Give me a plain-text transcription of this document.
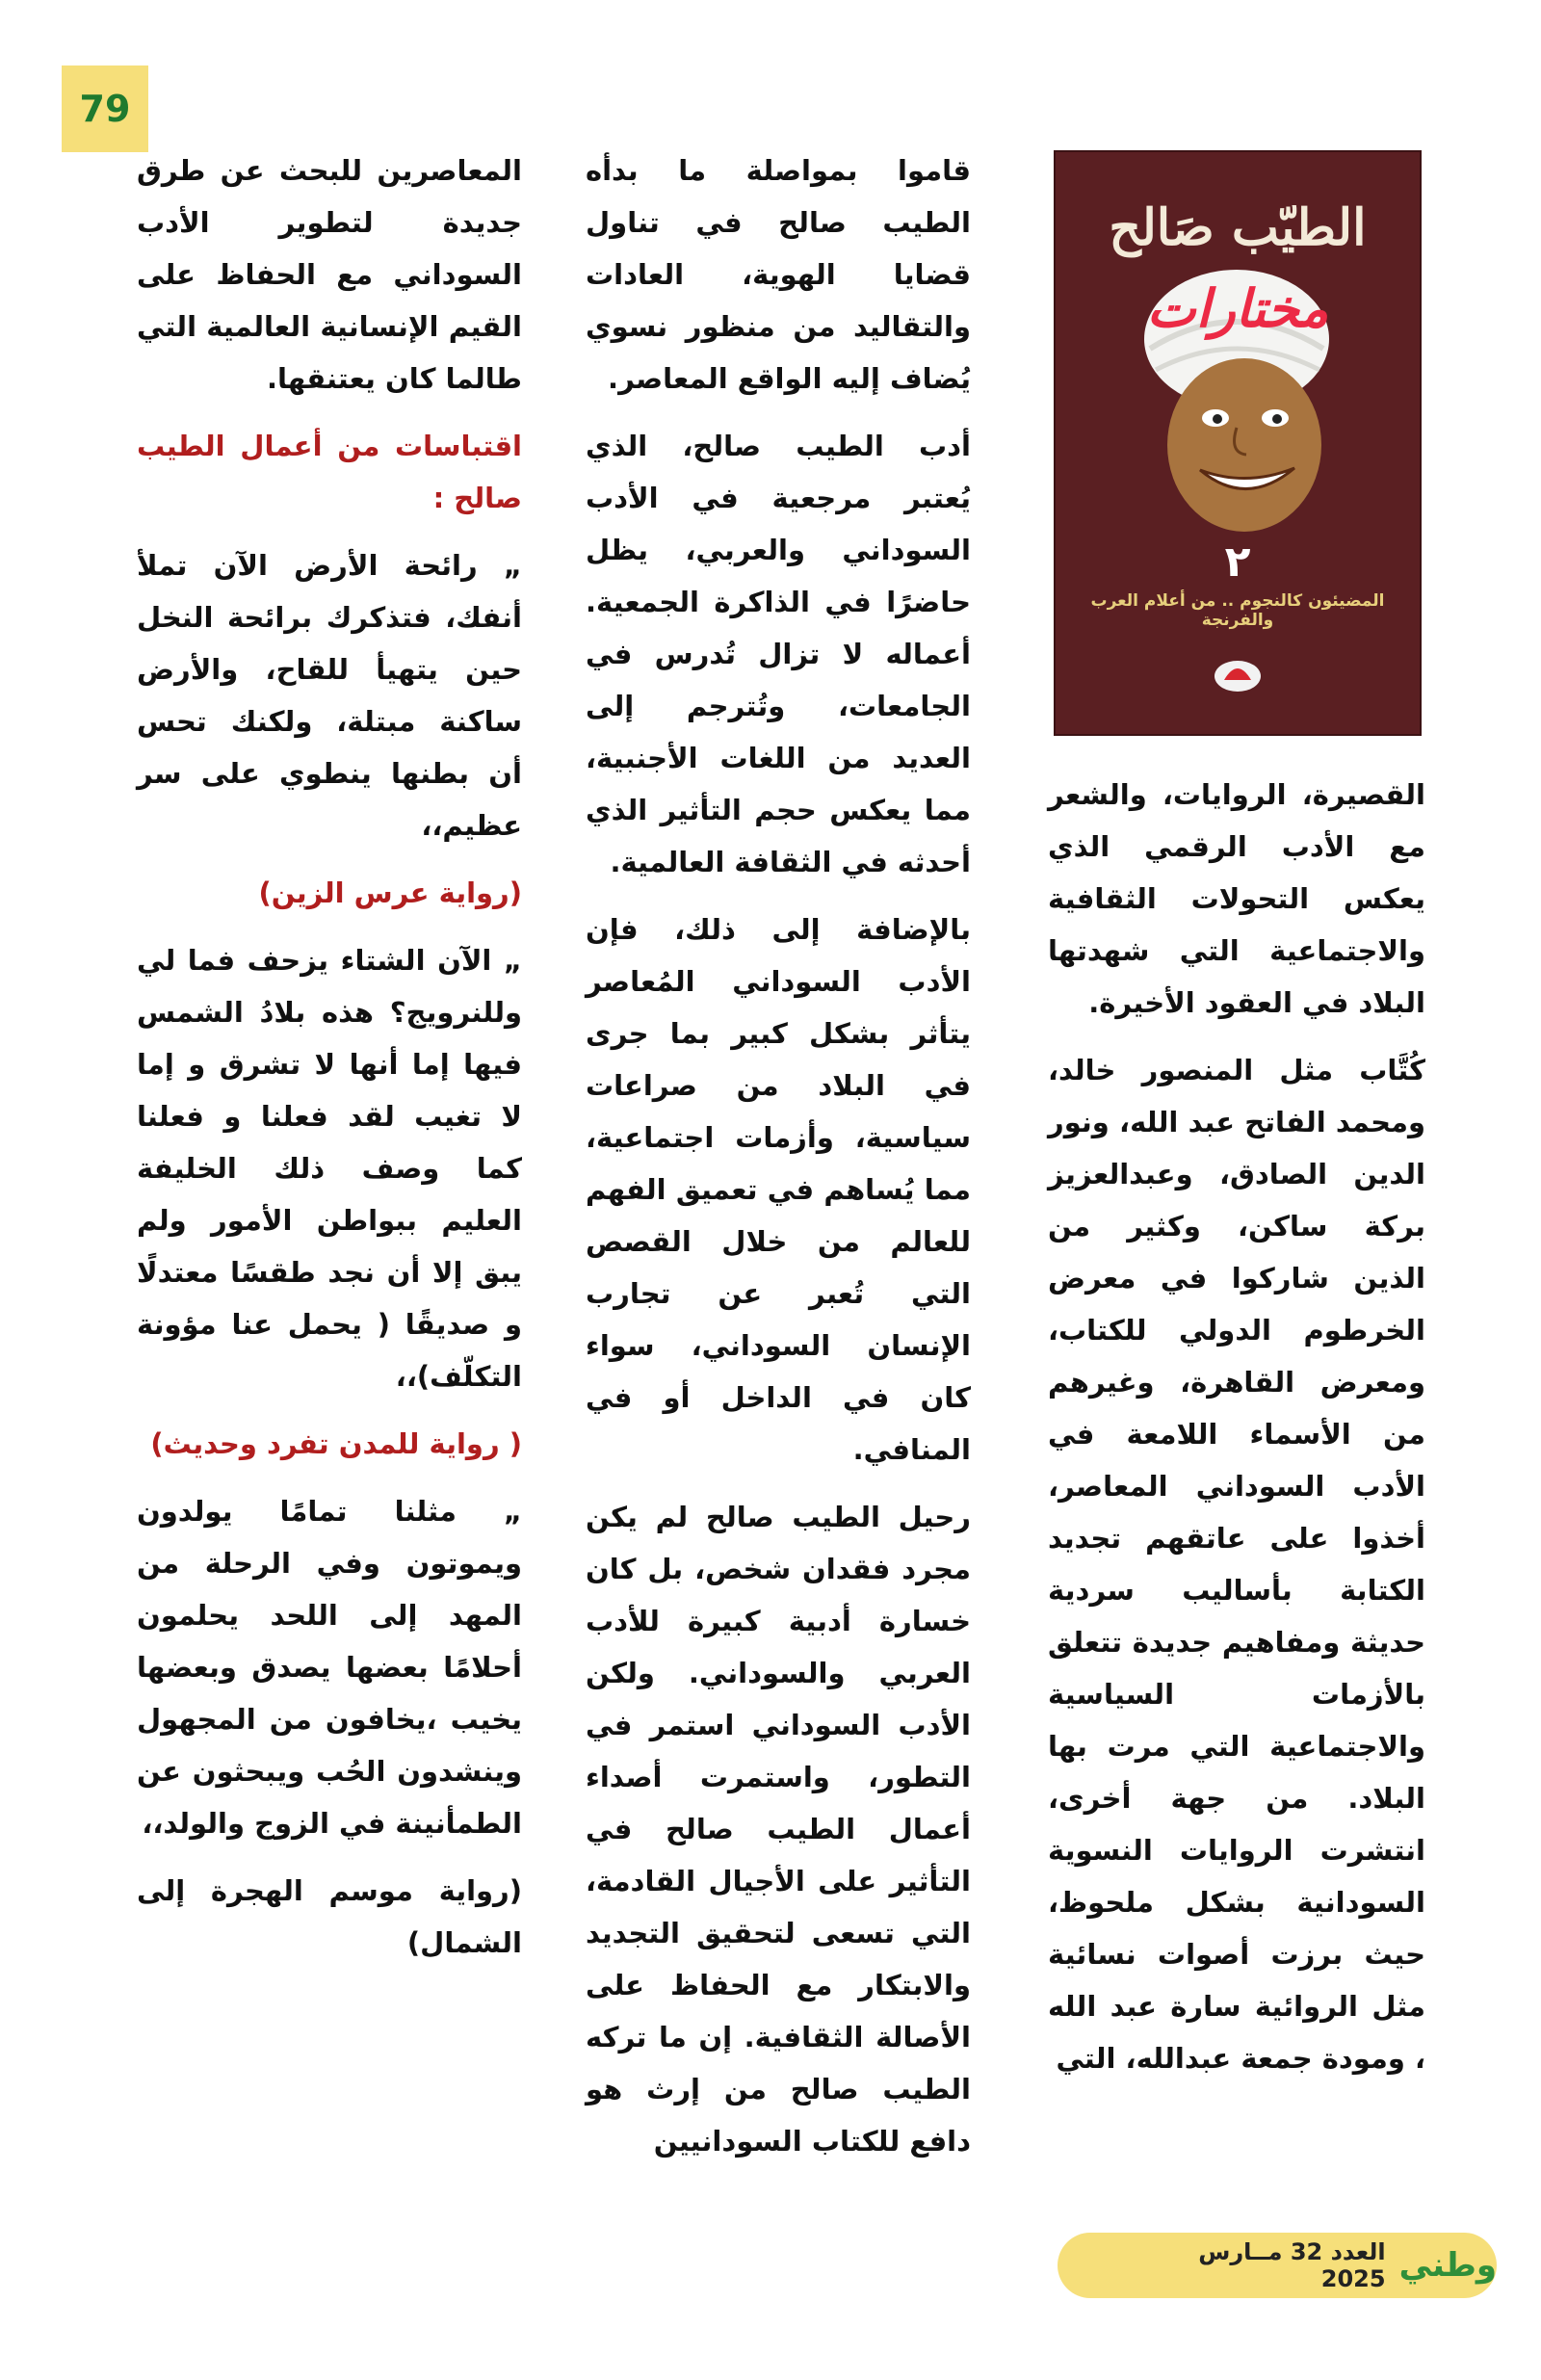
79
الطيّب صَالح
مختارات
٢
المضيئون كالنجوم .. من أعلام العرب والفرنجة

القصيرة، الروايات، والشعر مع الأدب الرقمي الذي يعكس التحولات الثقافية والاجتماعية التي شهدتها البلاد في العقود الأخيرة.

كُتَّاب مثل المنصور خالد، ومحمد الفاتح عبد الله، ونور الدين الصادق، وعبدالعزيز بركة ساكن، وكثير من الذين شاركوا في معرض الخرطوم الدولي للكتاب، ومعرض القاهرة، وغيرهم من الأسماء اللامعة في الأدب السوداني المعاصر، أخذوا على عاتقهم تجديد الكتابة بأساليب سردية حديثة ومفاهيم جديدة تتعلق بالأزمات السياسية والاجتماعية التي مرت بها البلاد. من جهة أخرى، انتشرت الروايات النسوية السودانية بشكل ملحوظ، حيث برزت أصوات نسائية مثل الروائية سارة عبد الله ، ومودة جمعة عبدالله، التي

قاموا بمواصلة ما بدأه الطيب صالح في تناول قضايا الهوية، العادات والتقاليد من منظور نسوي يُضاف إليه الواقع المعاصر.

أدب الطيب صالح، الذي يُعتبر مرجعية في الأدب السوداني والعربي، يظل حاضرًا في الذاكرة الجمعية. أعماله لا تزال تُدرس في الجامعات، وتُترجم إلى العديد من اللغات الأجنبية، مما يعكس حجم التأثير الذي أحدثه في الثقافة العالمية.

بالإضافة إلى ذلك، فإن الأدب السوداني المُعاصر يتأثر بشكل كبير بما جرى في البلاد من صراعات سياسية، وأزمات اجتماعية، مما يُساهم في تعميق الفهم للعالم من خلال القصص التي تُعبر عن تجارب الإنسان السوداني، سواء كان في الداخل أو في المنافي.

رحيل الطيب صالح لم يكن مجرد فقدان شخص، بل كان خسارة أدبية كبيرة للأدب العربي والسوداني. ولكن الأدب السوداني استمر في التطور، واستمرت أصداء أعمال الطيب صالح في التأثير على الأجيال القادمة، التي تسعى لتحقيق التجديد والابتكار مع الحفاظ على الأصالة الثقافية. إن ما تركه الطيب صالح من إرث هو دافع للكتاب السودانيين

المعاصرين للبحث عن طرق جديدة لتطوير الأدب السوداني مع الحفاظ على القيم الإنسانية العالمية التي طالما كان يعتنقها.

اقتباسات من أعمال الطيب صالح :

„ رائحة الأرض الآن تملأ أنفك، فتذكرك برائحة النخل حين يتهيأ للقاح، والأرض ساكنة مبتلة، ولكنك تحس أن بطنها ينطوي على سر عظيم،،

(رواية عرس الزين)

„ الآن الشتاء يزحف فما لي وللنرويج؟ هذه بلادُ الشمس فيها إما أنها لا تشرق و إما لا تغيب لقد فعلنا و فعلنا كما وصف ذلك الخليفة العليم ببواطن الأمور ولم يبق إلا أن نجد طقسًا معتدلًا و صديقًا ( يحمل عنا مؤونة التكلّف)،،

( رواية للمدن تفرد وحديث)

„ مثلنا تمامًا يولدون ويموتون وفي الرحلة من المهد إلى اللحد يحلمون أحلامًا بعضها يصدق وبعضها يخيب ،يخافون من المجهول وينشدون الحُب ويبحثون عن الطمأنينة في الزوج والولد،،

(رواية موسم الهجرة إلى الشمال)

العدد 32 مــارس 2025 وطني
